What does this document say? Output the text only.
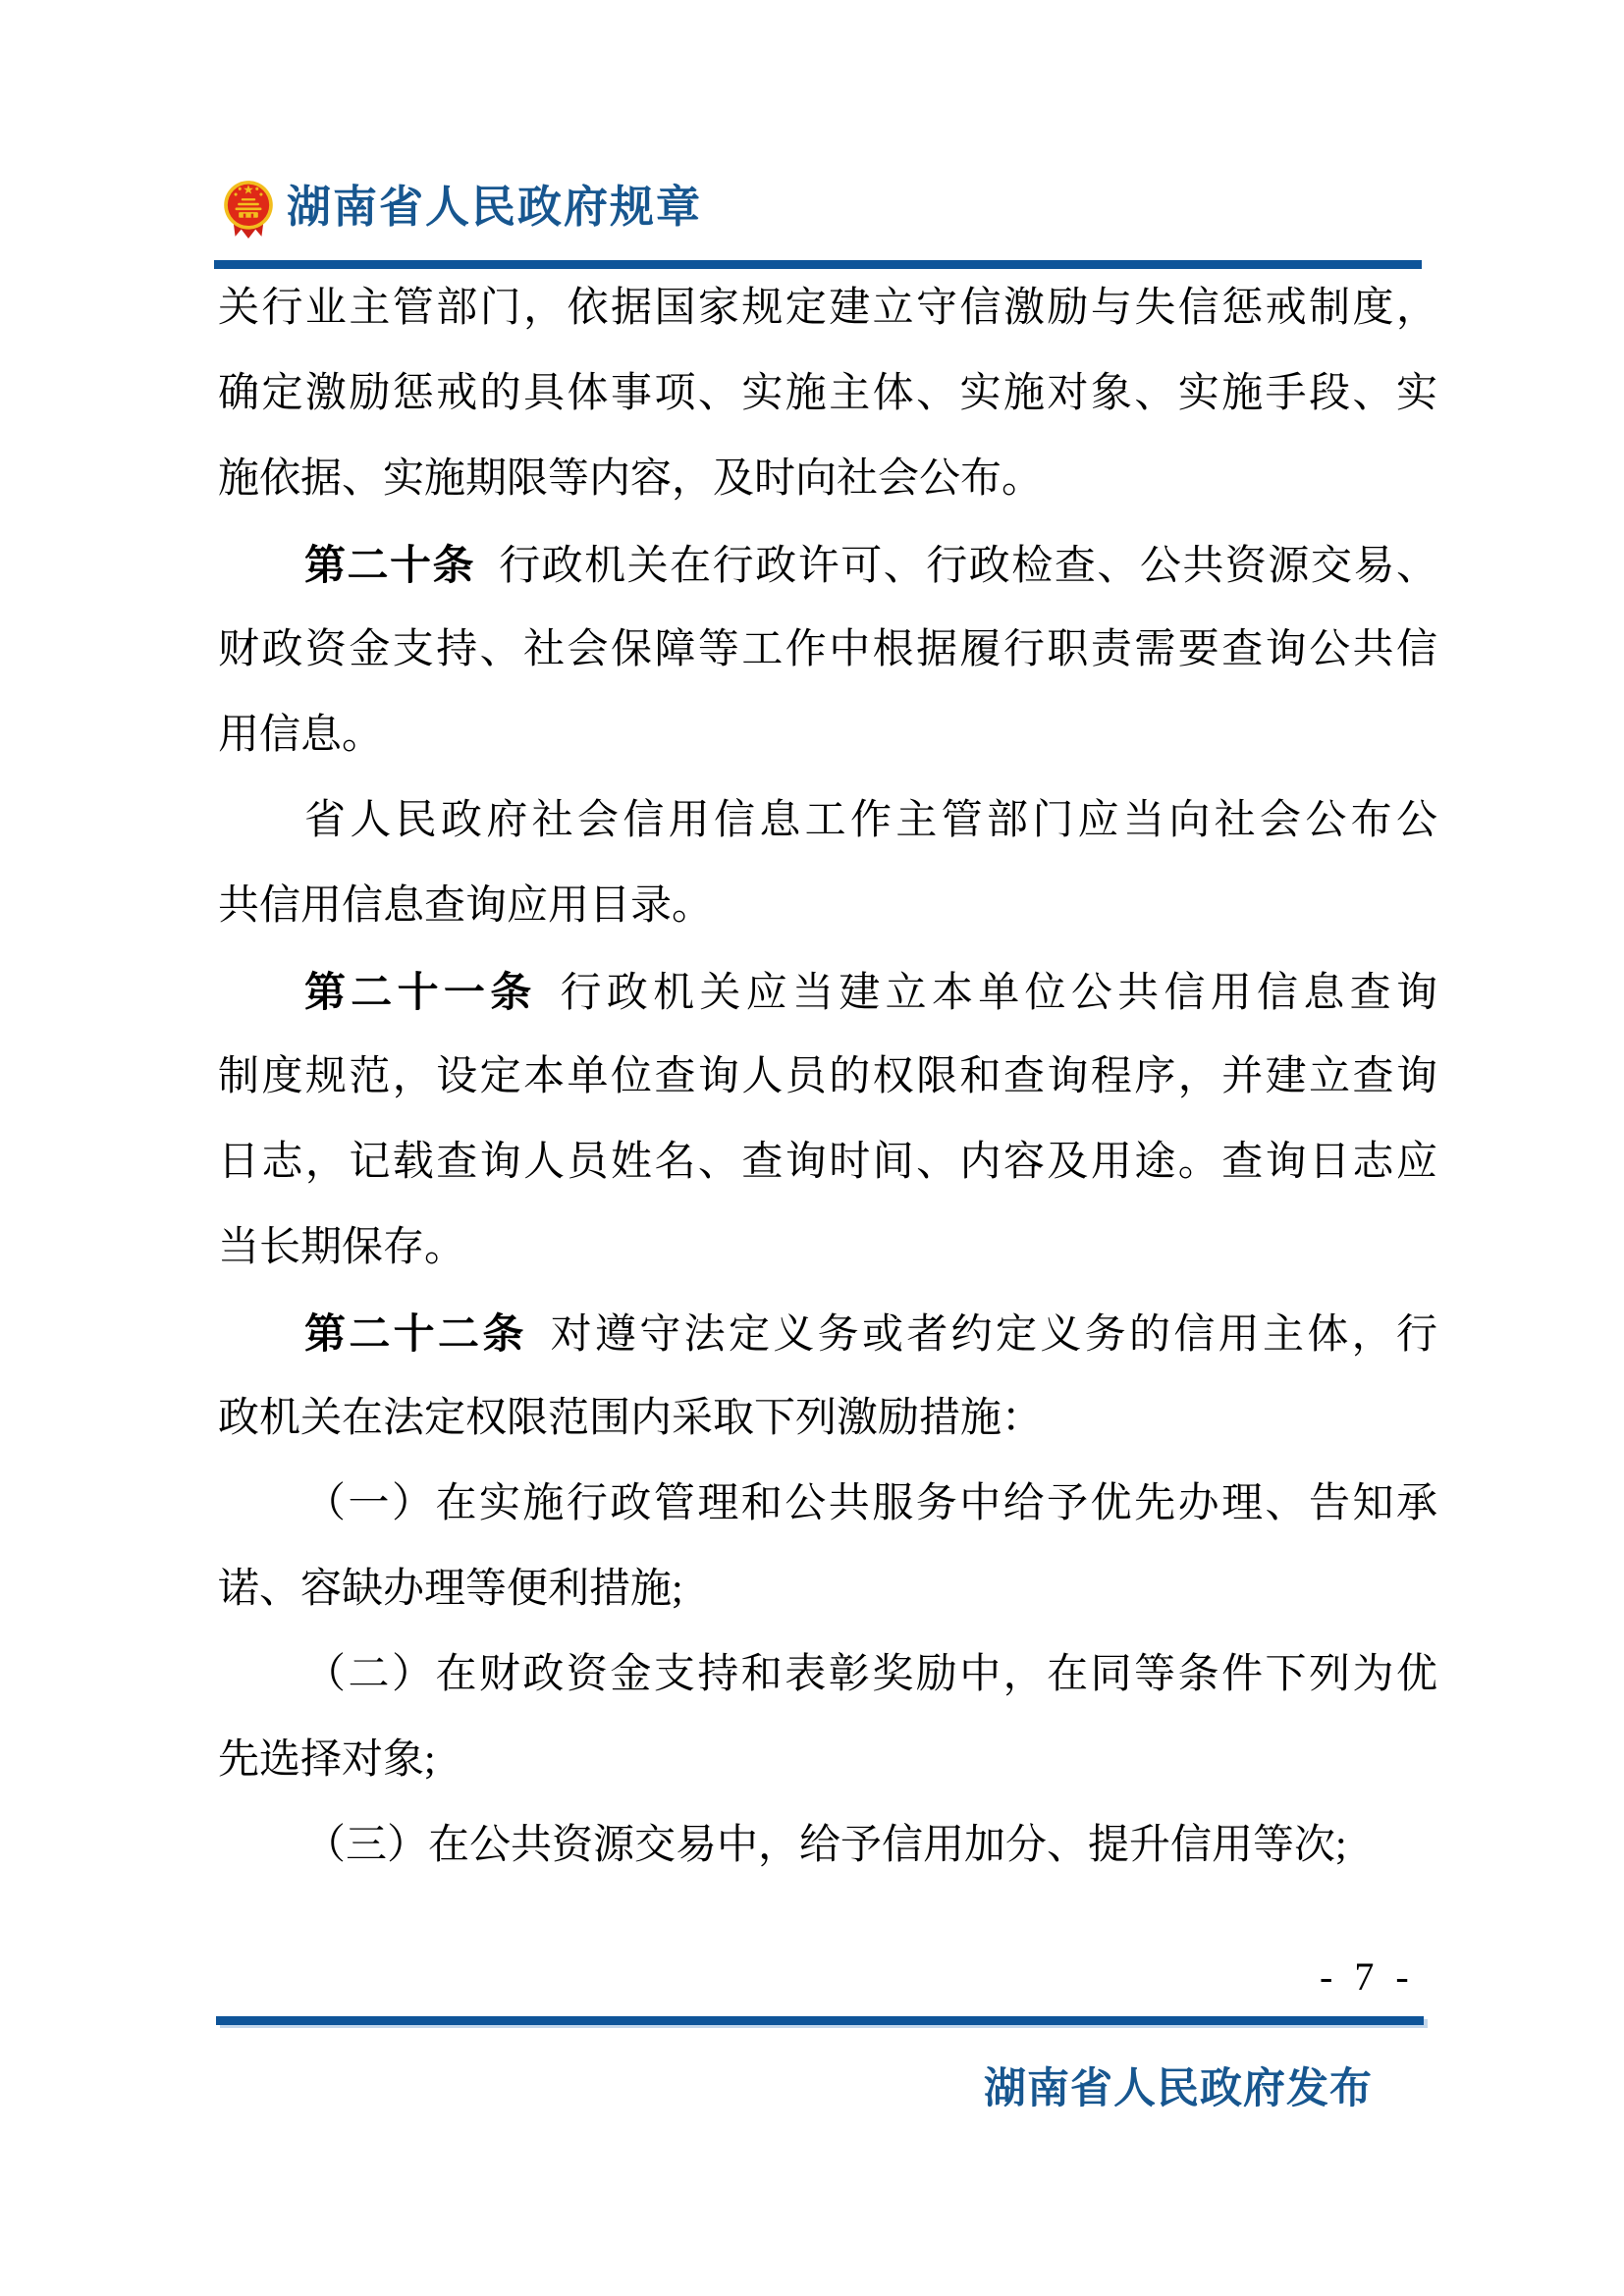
湖南省人民政府规章
关行业主管部门，依据国家规定建立守信激励与失信惩戒制度，
确定激励惩戒的具体事项、实施主体、实施对象、实施手段、实
施依据、实施期限等内容，及时向社会公布。
第二十条 行政机关在行政许可、行政检查、公共资源交易、
财政资金支持、社会保障等工作中根据履行职责需要查询公共信
用信息。
省人民政府社会信用信息工作主管部门应当向社会公布公
共信用信息查询应用目录。
第二十一条 行政机关应当建立本单位公共信用信息查询
制度规范，设定本单位查询人员的权限和查询程序，并建立查询
日志，记载查询人员姓名、查询时间、内容及用途。查询日志应
当长期保存。
第二十二条 对遵守法定义务或者约定义务的信用主体，行
政机关在法定权限范围内采取下列激励措施：
（一）在实施行政管理和公共服务中给予优先办理、告知承
诺、容缺办理等便利措施;
（二）在财政资金支持和表彰奖励中，在同等条件下列为优
先选择对象;
（三）在公共资源交易中，给予信用加分、提升信用等次;
- 7 -
湖南省人民政府发布
